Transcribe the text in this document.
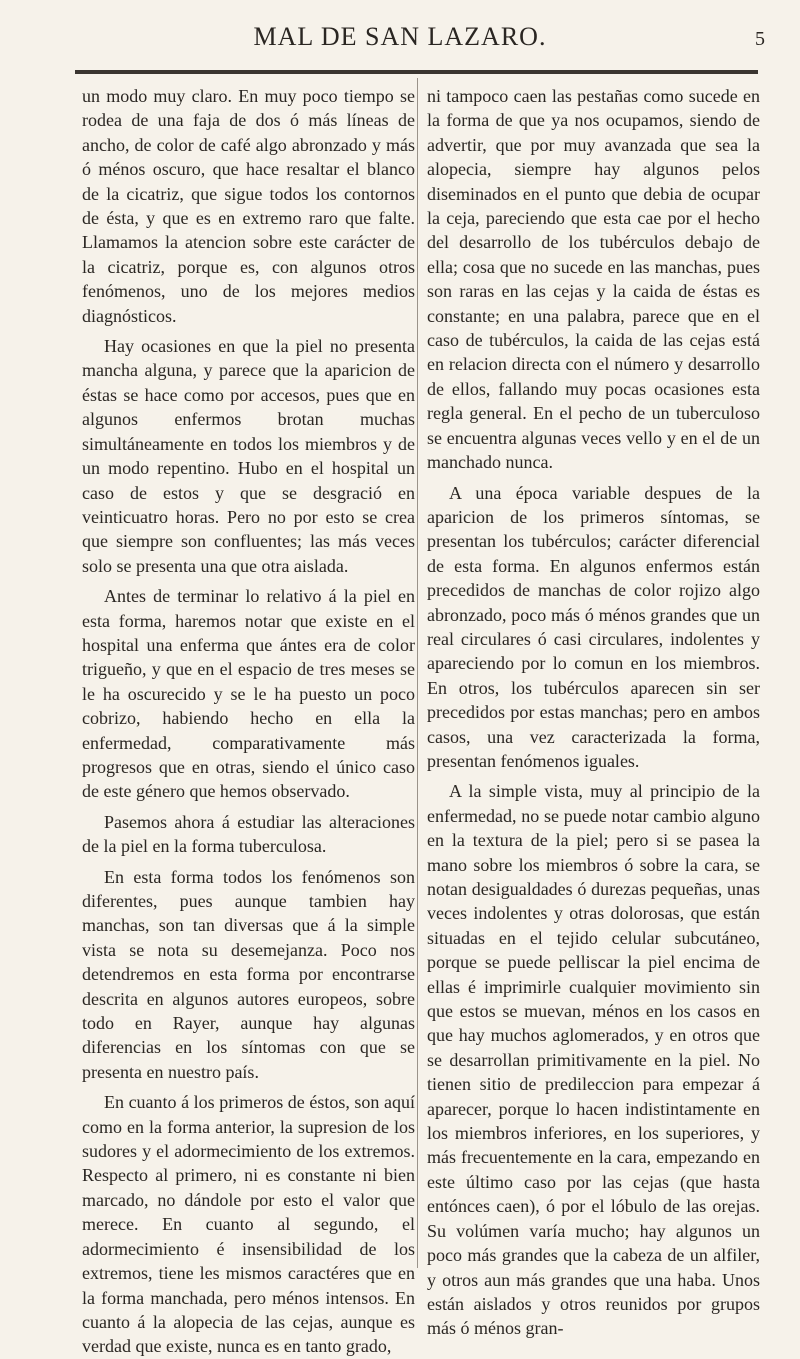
MAL DE SAN LAZARO.	5

un modo muy claro. En muy poco tiempo se rodea de una faja de dos ó más líneas de ancho, de color de café algo abronzado y más ó ménos oscuro, que hace resaltar el blanco de la cicatriz, que sigue todos los contornos de ésta, y que es en extremo raro que falte. Llamamos la atencion sobre este carácter de la cicatriz, porque es, con algunos otros fenómenos, uno de los mejores medios diagnósticos.

Hay ocasiones en que la piel no presenta mancha alguna, y parece que la aparicion de éstas se hace como por accesos, pues que en algunos enfermos brotan muchas simultáneamente en todos los miembros y de un modo repentino. Hubo en el hospital un caso de estos y que se desgració en veinticuatro horas. Pero no por esto se crea que siempre son confluentes; las más veces solo se presenta una que otra aislada.

Antes de terminar lo relativo á la piel en esta forma, haremos notar que existe en el hospital una enferma que ántes era de color trigueño, y que en el espacio de tres meses se le ha oscurecido y se le ha puesto un poco cobrizo, habiendo hecho en ella la enfermedad, comparativamente más progresos que en otras, siendo el único caso de este género que hemos observado.

Pasemos ahora á estudiar las alteraciones de la piel en la forma tuberculosa.

En esta forma todos los fenómenos son diferentes, pues aunque tambien hay manchas, son tan diversas que á la simple vista se nota su desemejanza. Poco nos detendremos en esta forma por encontrarse descrita en algunos autores europeos, sobre todo en Rayer, aunque hay algunas diferencias en los síntomas con que se presenta en nuestro país.

En cuanto á los primeros de éstos, son aquí como en la forma anterior, la supresion de los sudores y el adormecimiento de los extremos. Respecto al primero, ni es constante ni bien marcado, no dándole por esto el valor que merece. En cuanto al segundo, el adormecimiento é insensibilidad de los extremos, tiene les mismos caractéres que en la forma manchada, pero ménos intensos. En cuanto á la alopecia de las cejas, aunque es verdad que existe, nunca es en tanto grado,

ni tampoco caen las pestañas como sucede en la forma de que ya nos ocupamos, siendo de advertir, que por muy avanzada que sea la alopecia, siempre hay algunos pelos diseminados en el punto que debia de ocupar la ceja, pareciendo que esta cae por el hecho del desarrollo de los tubérculos debajo de ella; cosa que no sucede en las manchas, pues son raras en las cejas y la caida de éstas es constante; en una palabra, parece que en el caso de tubérculos, la caida de las cejas está en relacion directa con el número y desarrollo de ellos, fallando muy pocas ocasiones esta regla general. En el pecho de un tuberculoso se encuentra algunas veces vello y en el de un manchado nunca.

A una época variable despues de la aparicion de los primeros síntomas, se presentan los tubérculos; carácter diferencial de esta forma. En algunos enfermos están precedidos de manchas de color rojizo algo abronzado, poco más ó ménos grandes que un real circulares ó casi circulares, indolentes y apareciendo por lo comun en los miembros. En otros, los tubérculos aparecen sin ser precedidos por estas manchas; pero en ambos casos, una vez caracterizada la forma, presentan fenómenos iguales.

A la simple vista, muy al principio de la enfermedad, no se puede notar cambio alguno en la textura de la piel; pero si se pasea la mano sobre los miembros ó sobre la cara, se notan desigualdades ó durezas pequeñas, unas veces indolentes y otras dolorosas, que están situadas en el tejido celular subcutáneo, porque se puede pelliscar la piel encima de ellas é imprimirle cualquier movimiento sin que estos se muevan, ménos en los casos en que hay muchos aglomerados, y en otros que se desarrollan primitivamente en la piel. No tienen sitio de predileccion para empezar á aparecer, porque lo hacen indistintamente en los miembros inferiores, en los superiores, y más frecuentemente en la cara, empezando en este último caso por las cejas (que hasta entónces caen), ó por el lóbulo de las orejas. Su volúmen varía mucho; hay algunos un poco más grandes que la cabeza de un alfiler, y otros aun más grandes que una haba. Unos están aislados y otros reunidos por grupos más ó ménos gran-
